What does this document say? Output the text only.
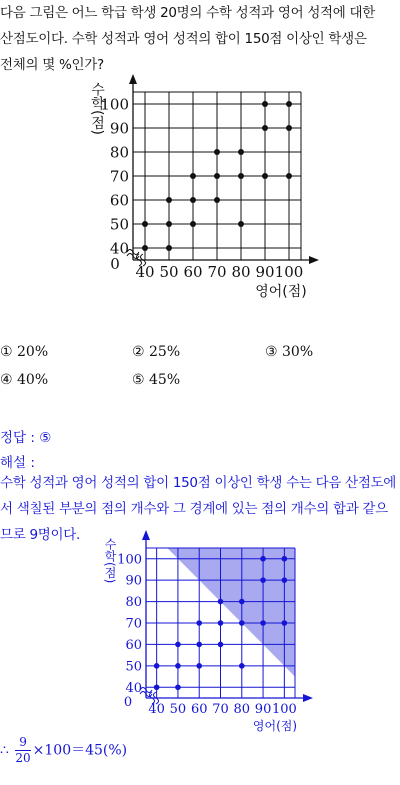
다음 그림은 어느 학급 학생 20명의 수학 성적과 영어 성적에 대한
산점도이다. 수학 성적과 영어 성적의 합이 150점 이상인 학생은
전체의 몇 %인가?
40 50 60 70 80 90 100
40
50
60
70
80
90
100
0
영어(점)
수학(점)
① 20%	② 25%	③ 30%
④ 40%	⑤ 45%
정답 : ⑤
해설 :
수학 성적과 영어 성적의 합이 150점 이상인 학생 수는 다음 산점도에
서 색칠된 부분의 점의 개수와 그 경계에 있는 점의 개수의 합과 같으
므로 9명이다.
40 50 60 70 80 90 100
40
50
60
70
80
90
100
0
영어(점)
수학(점)
∴ $\frac{9}{20} \times 100=45(\%)$
